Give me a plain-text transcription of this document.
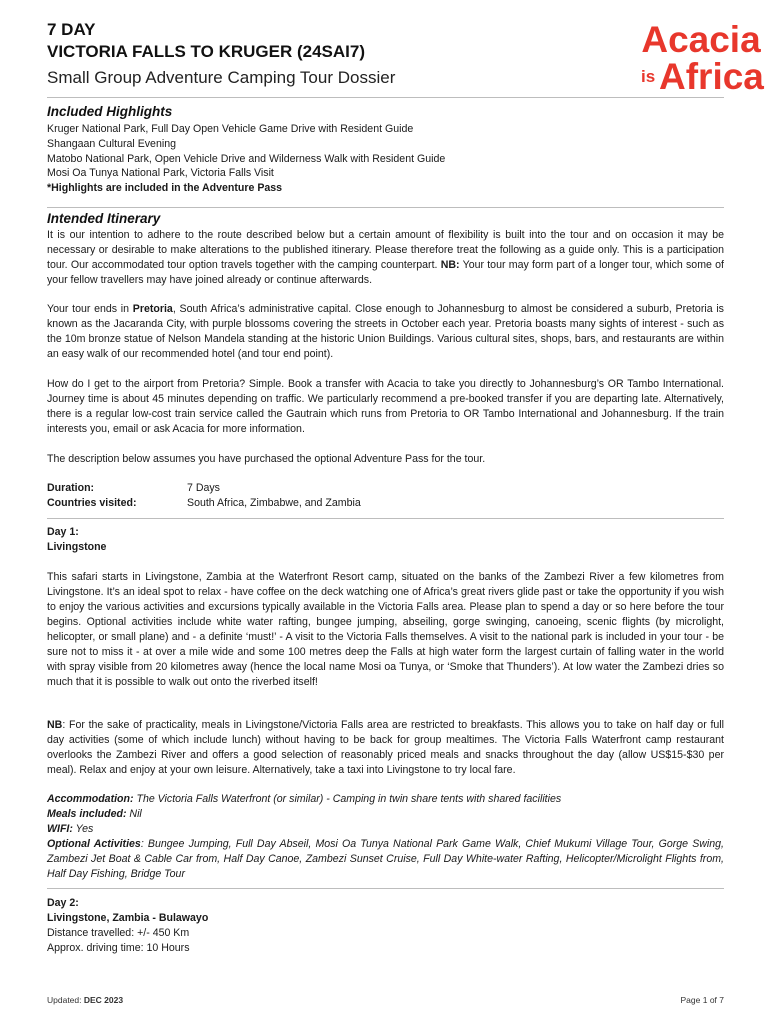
7 DAY
VICTORIA FALLS TO KRUGER (24SAI7)
Small Group Adventure Camping Tour Dossier
Acacia
is Africa
Included Highlights
Kruger National Park, Full Day Open Vehicle Game Drive with Resident Guide
Shangaan Cultural Evening
Matobo National Park, Open Vehicle Drive and Wilderness Walk with Resident Guide
Mosi Oa Tunya National Park, Victoria Falls Visit
*Highlights are included in the Adventure Pass
Intended Itinerary
It is our intention to adhere to the route described below but a certain amount of flexibility is built into the tour and on occasion it may be necessary or desirable to make alterations to the published itinerary. Please therefore treat the following as a guide only. This is a participation tour. Our accommodated tour option travels together with the camping counterpart. NB: Your tour may form part of a longer tour, which some of your fellow travellers may have joined already or continue afterwards.
Your tour ends in Pretoria, South Africa’s administrative capital. Close enough to Johannesburg to almost be considered a suburb, Pretoria is known as the Jacaranda City, with purple blossoms covering the streets in October each year. Pretoria boasts many sights of interest - such as the 10m bronze statue of Nelson Mandela standing at the historic Union Buildings. Various cultural sites, shops, bars, and restaurants are within an easy walk of our recommended hotel (and tour end point).
How do I get to the airport from Pretoria? Simple. Book a transfer with Acacia to take you directly to Johannesburg’s OR Tambo International. Journey time is about 45 minutes depending on traffic. We particularly recommend a pre-booked transfer if you are departing late. Alternatively, there is a regular low-cost train service called the Gautrain which runs from Pretoria to OR Tambo International and Johannesburg. If the train interests you, email or ask Acacia for more information.
The description below assumes you have purchased the optional Adventure Pass for the tour.
Duration:	7 Days
Countries visited:	South Africa, Zimbabwe, and Zambia
Day 1:
Livingstone
This safari starts in Livingstone, Zambia at the Waterfront Resort camp, situated on the banks of the Zambezi River a few kilometres from Livingstone. It’s an ideal spot to relax - have coffee on the deck watching one of Africa’s great rivers glide past or take the opportunity if you wish to enjoy the various activities and excursions typically available in the Victoria Falls area. Please plan to spend a day or so here before the tour begins. Optional activities include white water rafting, bungee jumping, abseiling, gorge swinging, canoeing, scenic flights (by microlight, helicopter, or small plane) and - a definite ‘must!’ - A visit to the Victoria Falls themselves. A visit to the national park is included in your tour - be sure not to miss it - at over a mile wide and some 100 metres deep the Falls at high water form the largest curtain of falling water in the world with spray visible from 20 kilometres away (hence the local name Mosi oa Tunya, or ‘Smoke that Thunders’). At low water the Zambezi dries so much that it is possible to walk out onto the riverbed itself!
NB: For the sake of practicality, meals in Livingstone/Victoria Falls area are restricted to breakfasts. This allows you to take on half day or full day activities (some of which include lunch) without having to be back for group mealtimes. The Victoria Falls Waterfront camp restaurant overlooks the Zambezi River and offers a good selection of reasonably priced meals and snacks throughout the day (allow US$15-$30 per meal). Relax and enjoy at your own leisure. Alternatively, take a taxi into Livingstone to try local fare.
Accommodation: The Victoria Falls Waterfront (or similar) - Camping in twin share tents with shared facilities
Meals included: Nil
WIFI: Yes
Optional Activities: Bungee Jumping, Full Day Abseil, Mosi Oa Tunya National Park Game Walk, Chief Mukumi Village Tour, Gorge Swing, Zambezi Jet Boat & Cable Car from, Half Day Canoe, Zambezi Sunset Cruise, Full Day White-water Rafting, Helicopter/Microlight Flights from, Half Day Fishing, Bridge Tour
Day 2:
Livingstone, Zambia - Bulawayo
Distance travelled: +/- 450 Km
Approx. driving time: 10 Hours
Updated: DEC 2023	Page 1 of 7
